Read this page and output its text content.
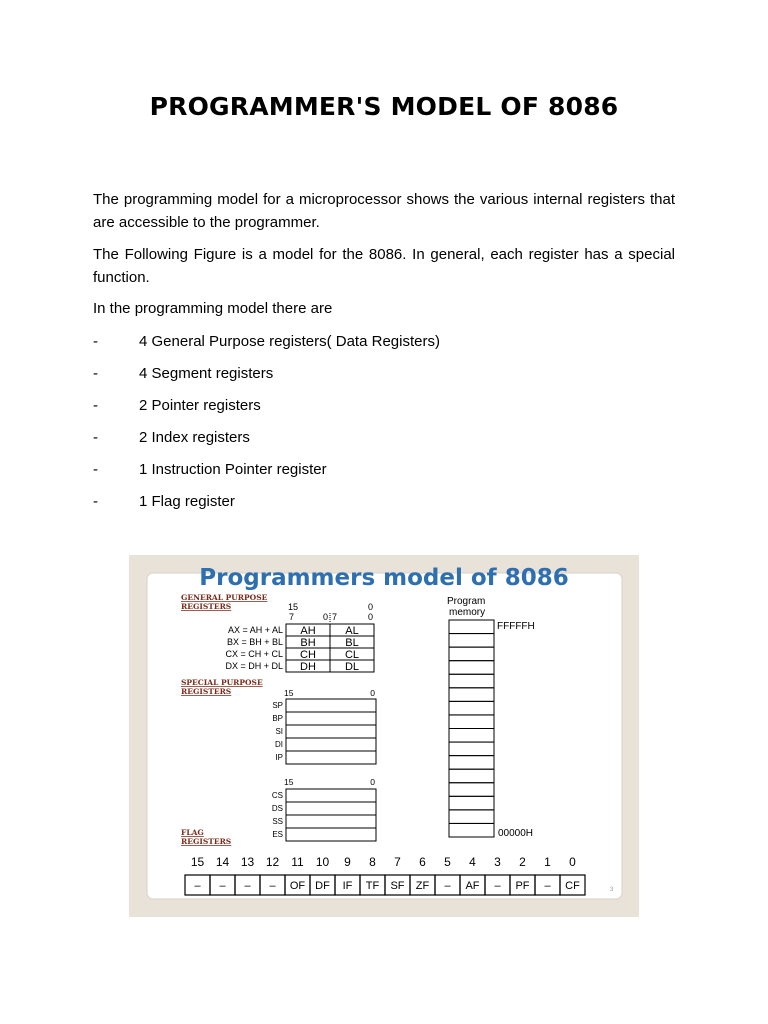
PROGRAMMER'S MODEL OF 8086

The programming model for a microprocessor shows the various internal registers that are accessible to the programmer.

The Following Figure is a model for the 8086. In general, each register has a special function.

In the programming model there are

-	4 General Purpose registers( Data Registers)
-	4 Segment registers
-	2 Pointer registers
-	2 Index registers
-	1 Instruction Pointer register
-	1 Flag register
Programmers model of 8086
GENERAL PURPOSE
REGISTERS
SPECIAL PURPOSE
REGISTERS
FLAG
REGISTERS
15	0
7	0 7	0
AX = AH + AL AH	AL
BX = BH + BL BH	BL
CX = CH + CL CH	CL
DX = DH + DL DH	DL
15	0
SP
BP
SI
DI
IP
15	0
CS
DS
SS
ES
Program
memory
FFFFFH
00000H
15 14 13 12 11 10 9 8 7 6 5 4 3 2 1 0
– – – – OF DF IF TF SF ZF – AF – PF – CF	3
